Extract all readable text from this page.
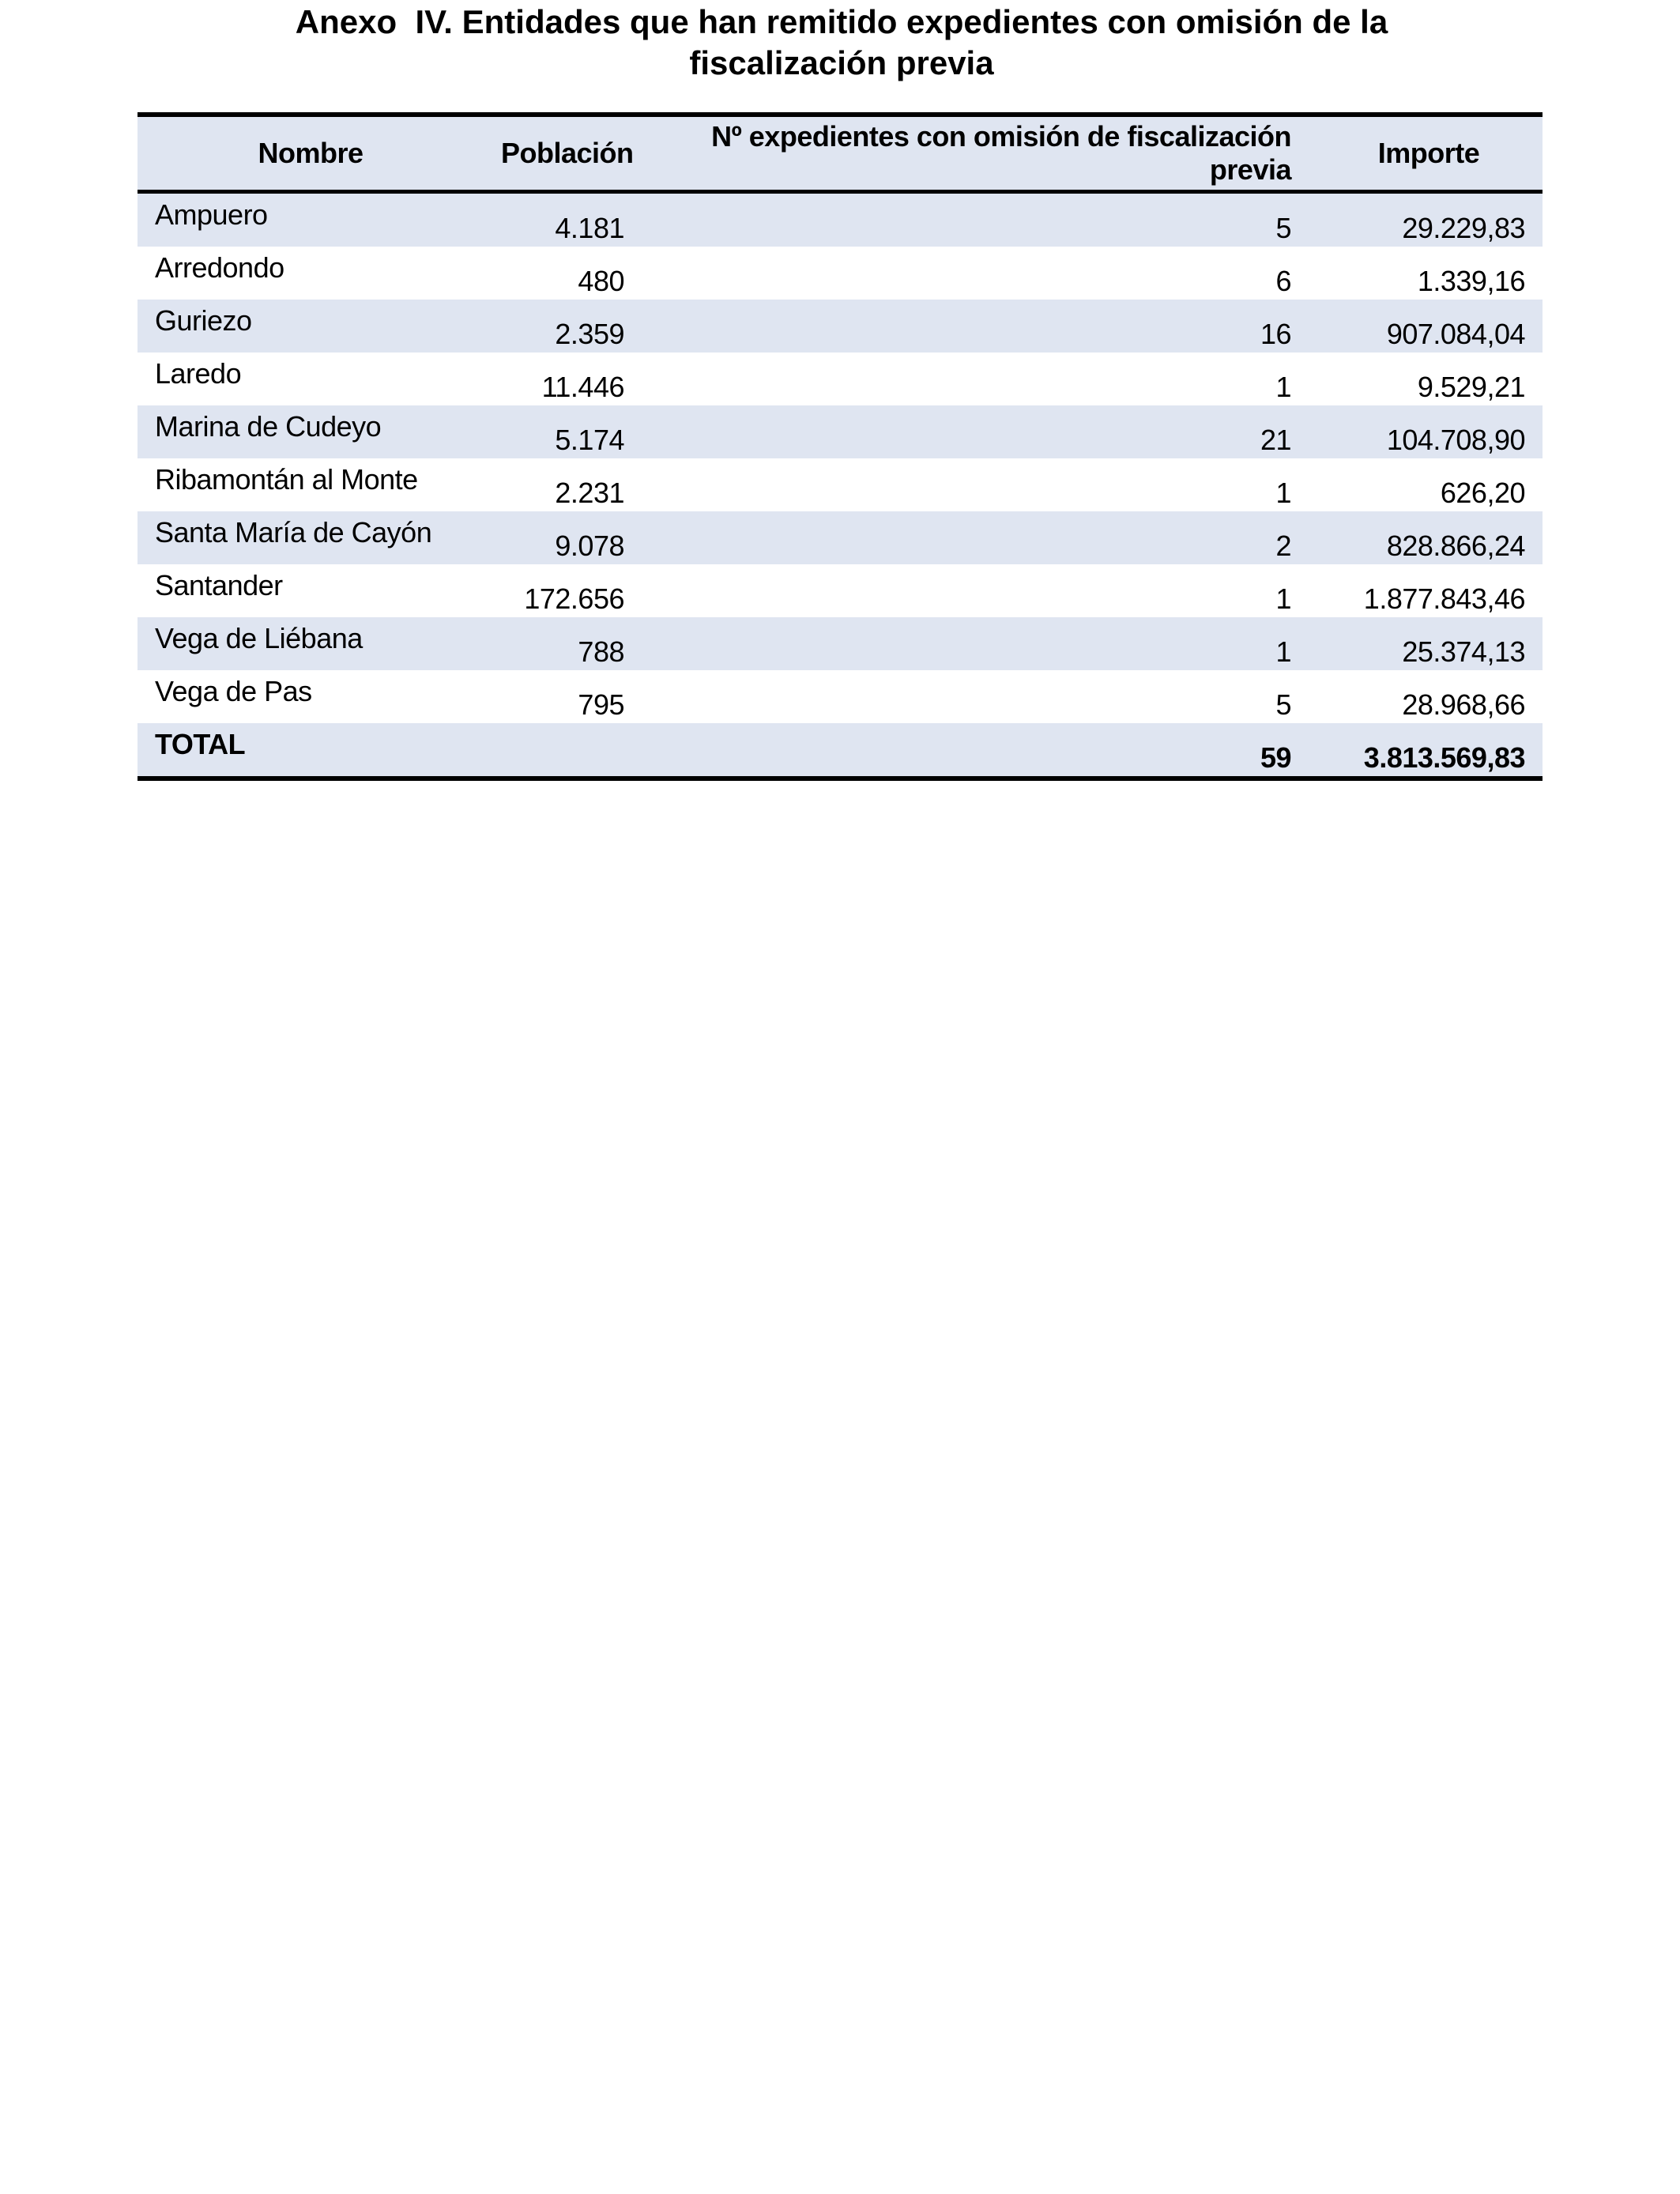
Anexo  IV. Entidades que han remitido expedientes con omisión de la
fiscalización previa
Nombre	Población	Nº expedientes con omisión de fiscalización previa	Importe
Ampuero	4.181	5	29.229,83
Arredondo	480	6	1.339,16
Guriezo	2.359	16	907.084,04
Laredo	11.446	1	9.529,21
Marina de Cudeyo	5.174	21	104.708,90
Ribamontán al Monte	2.231	1	626,20
Santa María de Cayón	9.078	2	828.866,24
Santander	172.656	1	1.877.843,46
Vega de Liébana	788	1	25.374,13
Vega de Pas	795	5	28.968,66
TOTAL		59	3.813.569,83
